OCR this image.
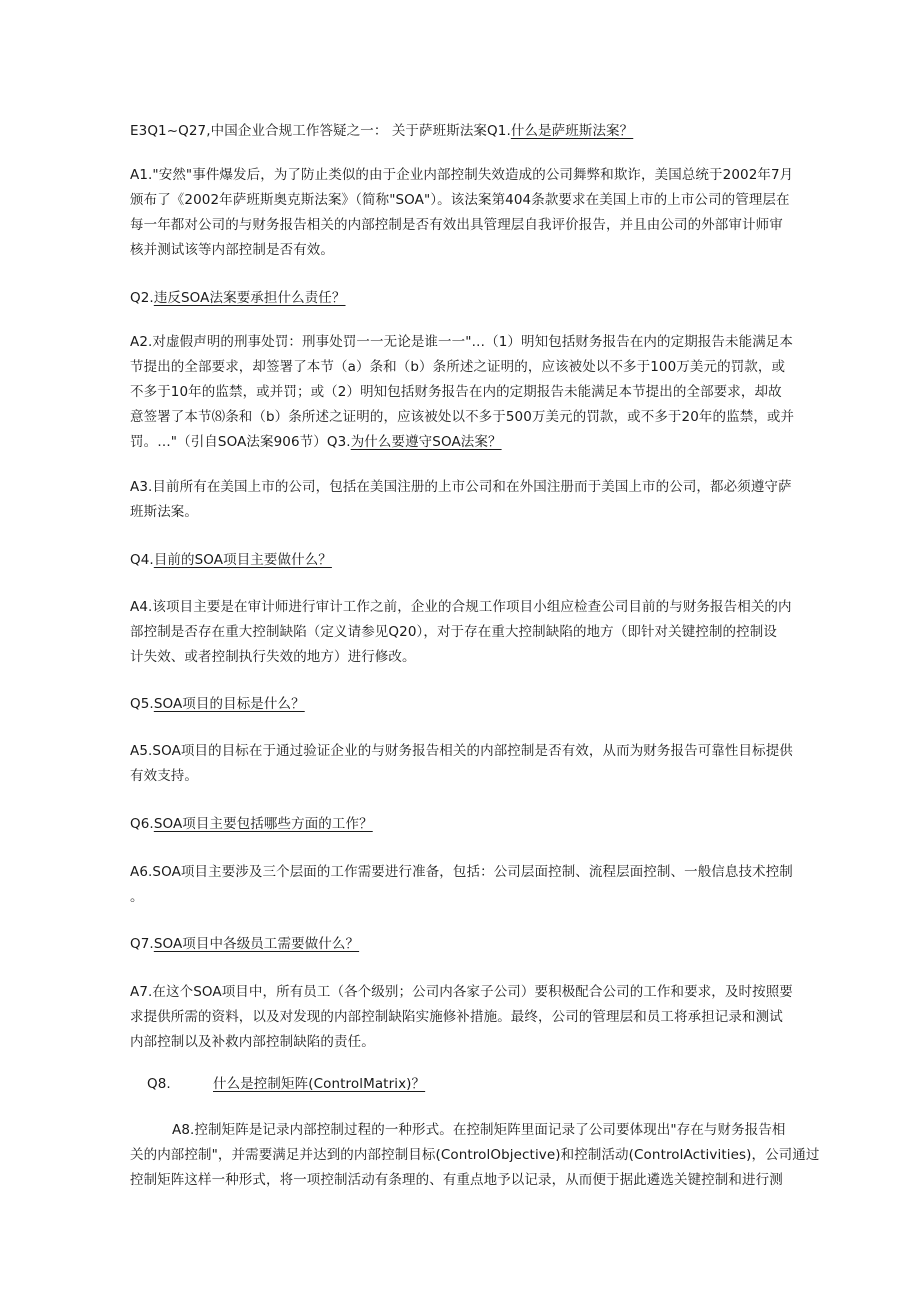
E3Q1~Q27,中国企业合规工作答疑之一： 关于萨班斯法案Q1.什么是萨班斯法案？
A1."安然"事件爆发后，为了防止类似的由于企业内部控制失效造成的公司舞弊和欺诈，美国总统于2002年7月
颁布了《2002年萨班斯奥克斯法案》（简称"SOA"）。该法案第404条款要求在美国上市的上市公司的管理层在
每一年都对公司的与财务报告相关的内部控制是否有效出具管理层自我评价报告，并且由公司的外部审计师审
核并测试该等内部控制是否有效。
Q2.违反SOA法案要承担什么责任？
A2.对虚假声明的刑事处罚：刑事处罚一一无论是谁一一"…（1）明知包括财务报告在内的定期报告未能满足本
节提出的全部要求，却签署了本节（a）条和（b）条所述之证明的，应该被处以不多于100万美元的罚款，或
不多于10年的监禁，或并罚；或（2）明知包括财务报告在内的定期报告未能满足本节提出的全部要求，却故
意签署了本节⑻条和（b）条所述之证明的，应该被处以不多于500万美元的罚款，或不多于20年的监禁，或并
罚。…"（引自SOA法案906节）Q3.为什么要遵守SOA法案？
A3.目前所有在美国上市的公司，包括在美国注册的上市公司和在外国注册而于美国上市的公司，都必须遵守萨
班斯法案。
Q4.目前的SOA项目主要做什么？
A4.该项目主要是在审计师进行审计工作之前，企业的合规工作项目小组应检查公司目前的与财务报告相关的内
部控制是否存在重大控制缺陷（定义请参见Q20），对于存在重大控制缺陷的地方（即针对关键控制的控制设
计失效、或者控制执行失效的地方）进行修改。
Q5.SOA项目的目标是什么？
A5.SOA项目的目标在于通过验证企业的与财务报告相关的内部控制是否有效，从而为财务报告可靠性目标提供
有效支持。
Q6.SOA项目主要包括哪些方面的工作？
A6.SOA项目主要涉及三个层面的工作需要进行准备，包括：公司层面控制、流程层面控制、一般信息技术控制
。
Q7.SOA项目中各级员工需要做什么？
A7.在这个SOA项目中，所有员工（各个级别；公司内各家子公司）要积极配合公司的工作和要求，及时按照要
求提供所需的资料，以及对发现的内部控制缺陷实施修补措施。最终，公司的管理层和员工将承担记录和测试
内部控制以及补救内部控制缺陷的责任。
Q8.	什么是控制矩阵(ControlMatrix)？
A8.控制矩阵是记录内部控制过程的一种形式。在控制矩阵里面记录了公司要体现出"存在与财务报告相
关的内部控制"，并需要满足并达到的内部控制目标(ControlObjective)和控制活动(ControlActivities)，公司通过
控制矩阵这样一种形式，将一项控制活动有条理的、有重点地予以记录，从而便于据此遴选关键控制和进行测
